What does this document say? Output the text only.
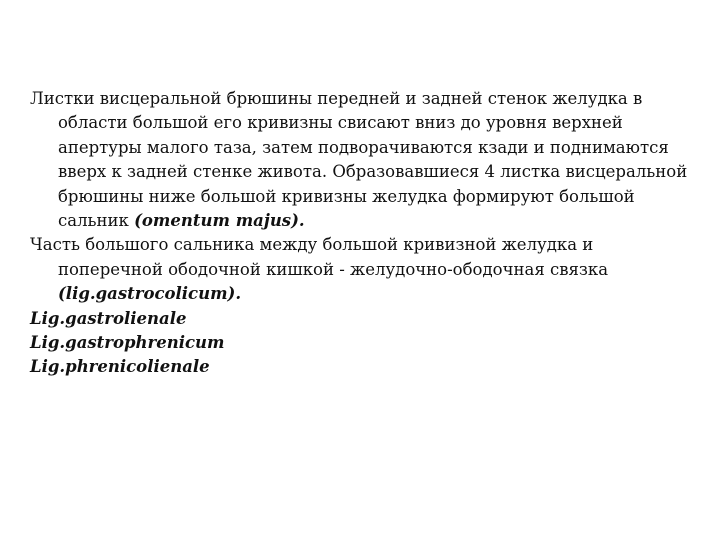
Листки висцеральной брюшины передней и задней стенок желудка в области большой его кривизны свисают вниз до уровня верхней апертуры малого таза, затем подворачиваются кзади и поднимаются вверх к задней стенке живота. Образовавшиеся 4 листка висцеральной брюшины ниже большой кривизны желудка формируют большой сальник (omentum majus).

Часть большого сальника между большой кривизной желудка и поперечной ободочной кишкой - желудочно-ободочная связка (lig.gastrocolicum).

Lig.gastrolienale

Lig.gastrophrenicum

Lig.phrenicolienale
